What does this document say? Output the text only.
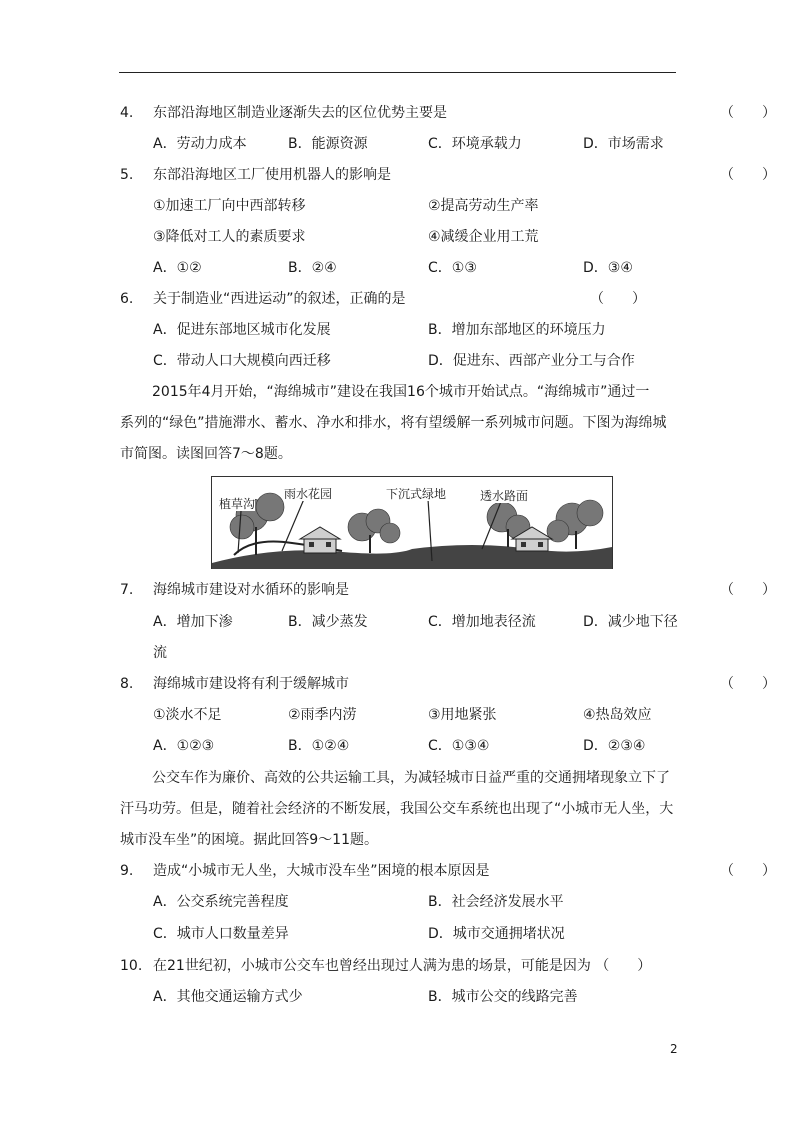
4. 东部沿海地区制造业逐渐失去的区位优势主要是	（　　）
A．劳动力成本	B．能源资源	C．环境承载力	D．市场需求
5. 东部沿海地区工厂使用机器人的影响是	（　　）
①加速工厂向中西部转移	②提高劳动生产率
③降低对工人的素质要求	④减缓企业用工荒
A．①②	B．②④	C．①③	D．③④
6. 关于制造业“西进运动”的叙述，正确的是	（　　）
A．促进东部地区城市化发展	B．增加东部地区的环境压力
C．带动人口大规模向西迁移	D．促进东、西部产业分工与合作
2015年4月开始，“海绵城市”建设在我国16个城市开始试点。“海绵城市”通过一
系列的“绿色”措施滞水、蓄水、净水和排水，将有望缓解一系列城市问题。下图为海绵城
市简图。读图回答7～8题。
植草沟
雨水花园	下沉式绿地	透水路面
7. 海绵城市建设对水循环的影响是	（　　）
A．增加下渗	B．减少蒸发	C．增加地表径流	D．减少地下径
流
8. 海绵城市建设将有利于缓解城市	（　　）
①淡水不足	②雨季内涝	③用地紧张	④热岛效应
A．①②③	B．①②④	C．①③④	D．②③④
公交车作为廉价、高效的公共运输工具，为减轻城市日益严重的交通拥堵现象立下了
汗马功劳。但是，随着社会经济的不断发展，我国公交车系统也出现了“小城市无人坐，大
城市没车坐”的困境。据此回答9～11题。
9. 造成“小城市无人坐，大城市没车坐”困境的根本原因是	（　　）
A．公交系统完善程度	B．社会经济发展水平
C．城市人口数量差异	D．城市交通拥堵状况
10. 在21世纪初，小城市公交车也曾经出现过人满为患的场景，可能是因为 （　　）
A．其他交通运输方式少	B．城市公交的线路完善
2
